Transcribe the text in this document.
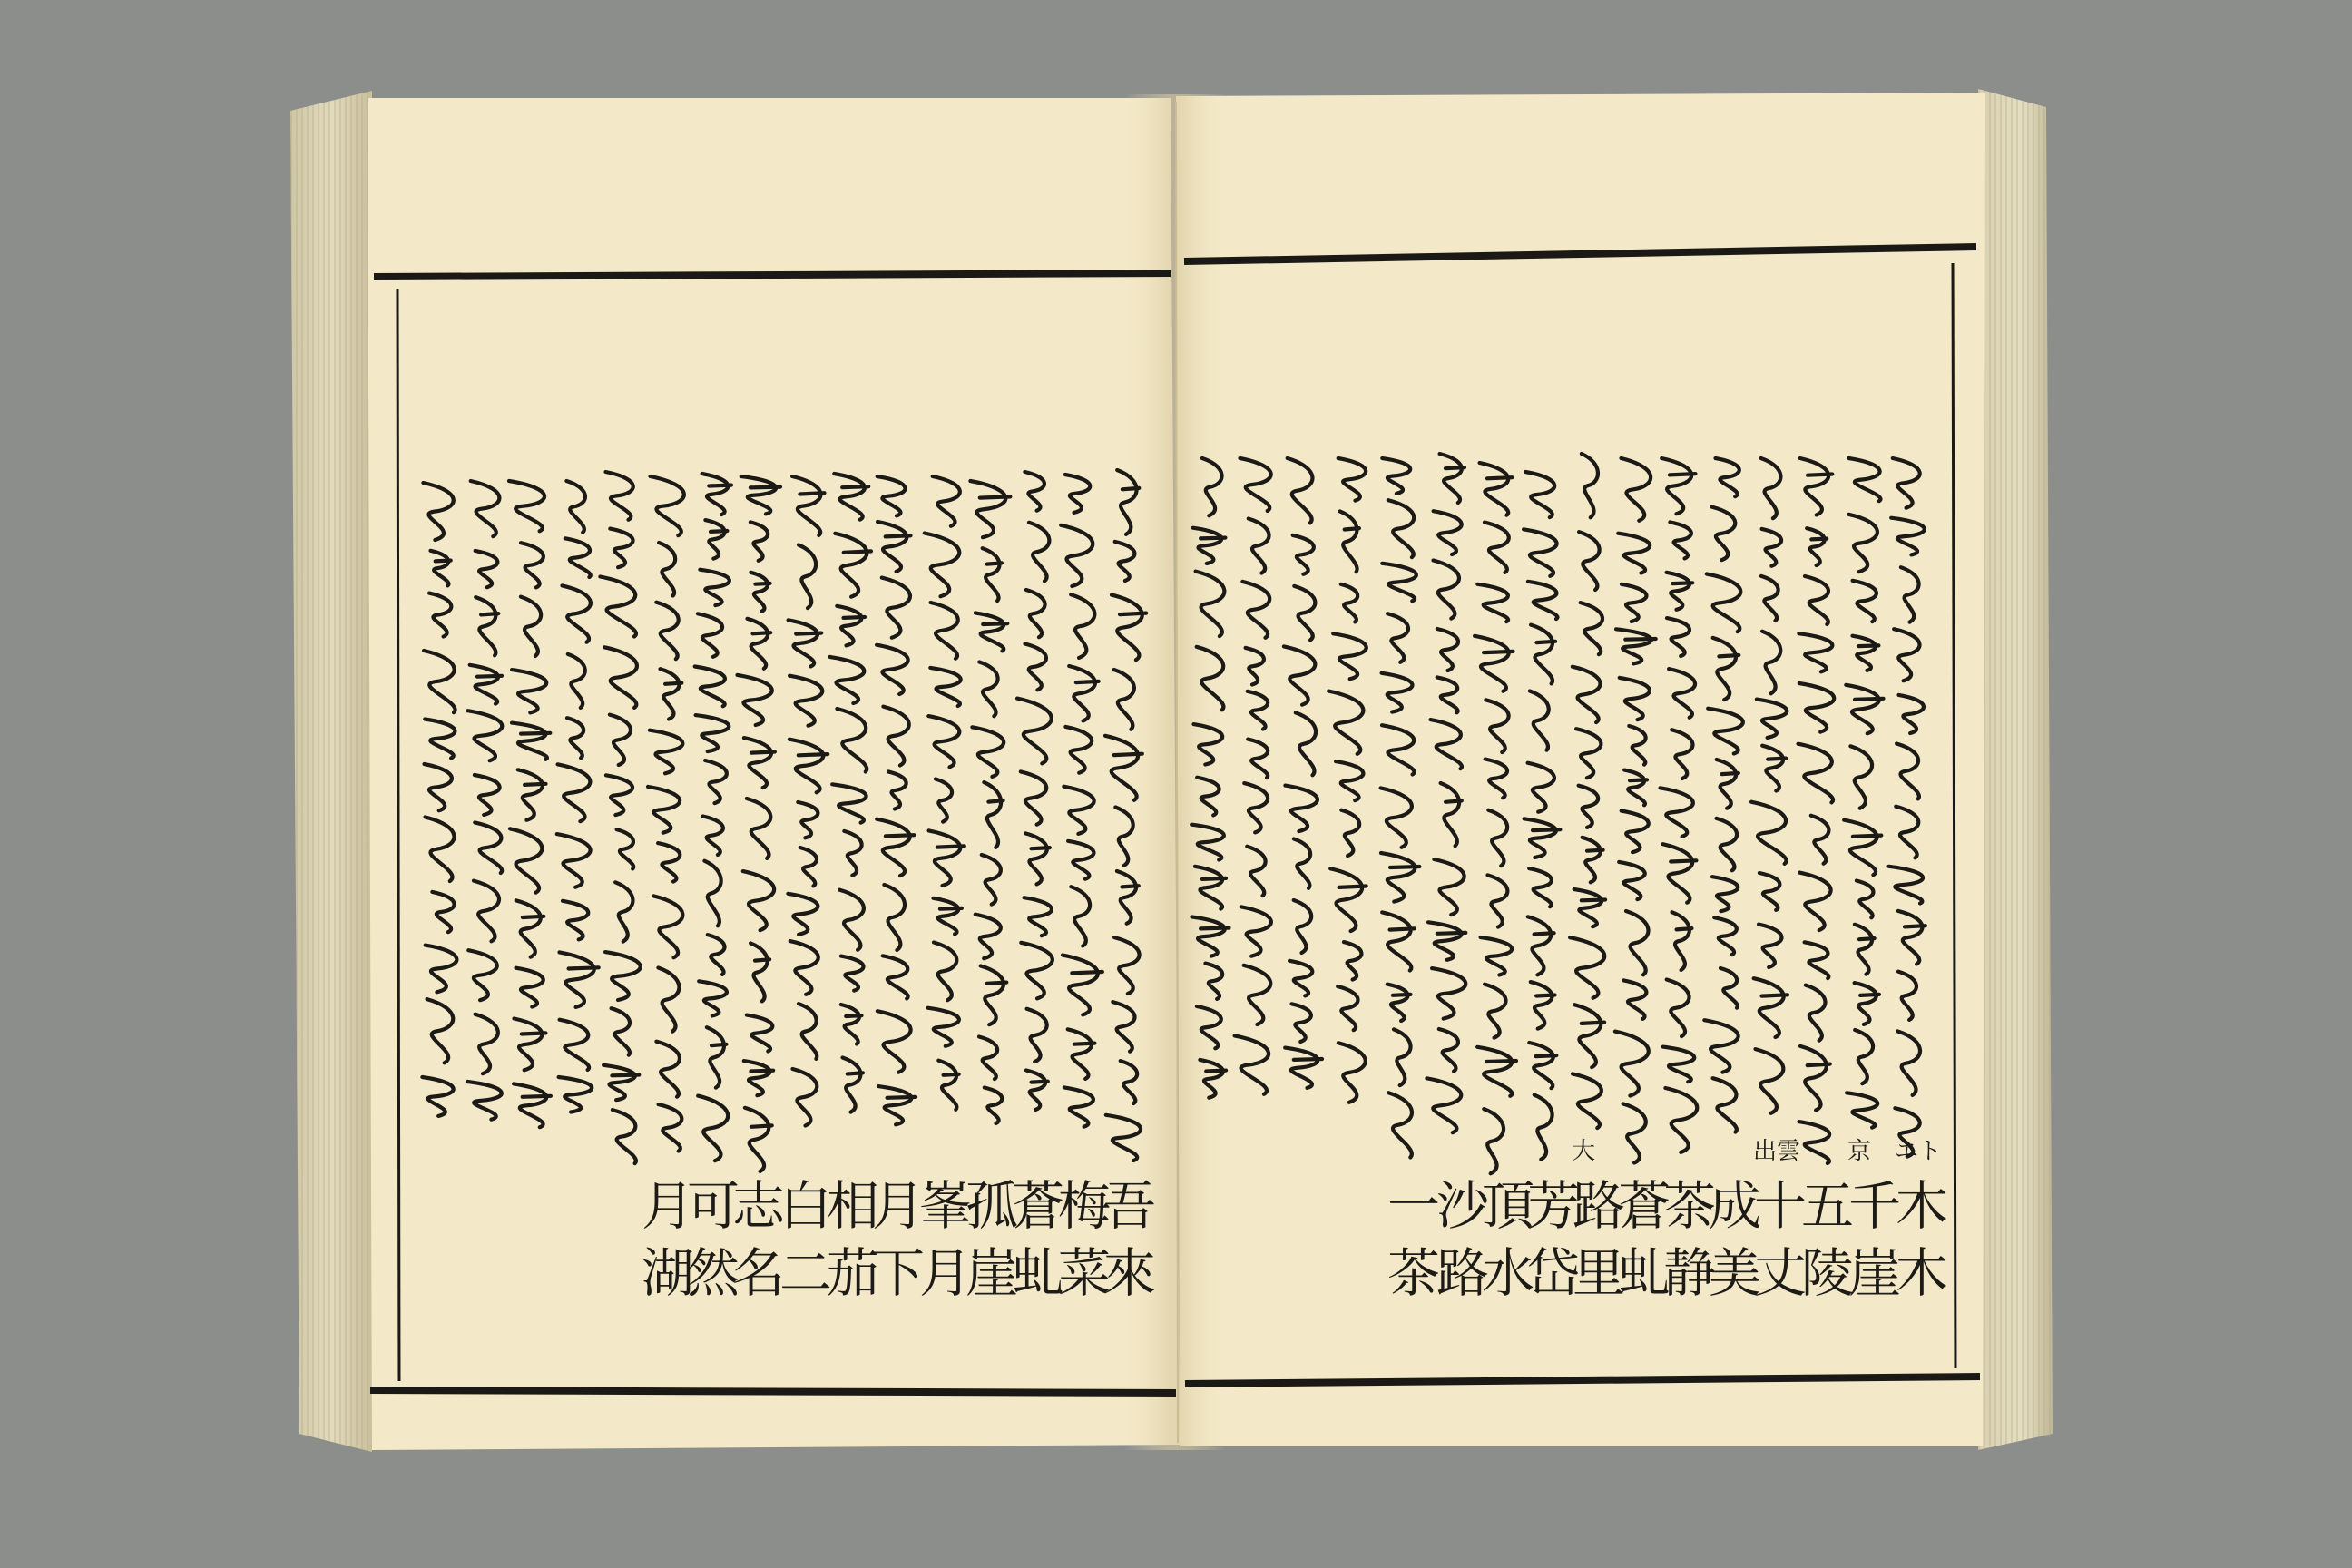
木
木
エト
千
崖
京
五
陵
十
丈
出雲
成
美
茶
静
蒼
虬
路
里
大
芳
岱
頂
水
沙
路
一
茶
吾
來
梅
菜
蒼
虬
孤
崖
峯
月
月
下
相
茄
白
二
志
名
可
然
月
湖
